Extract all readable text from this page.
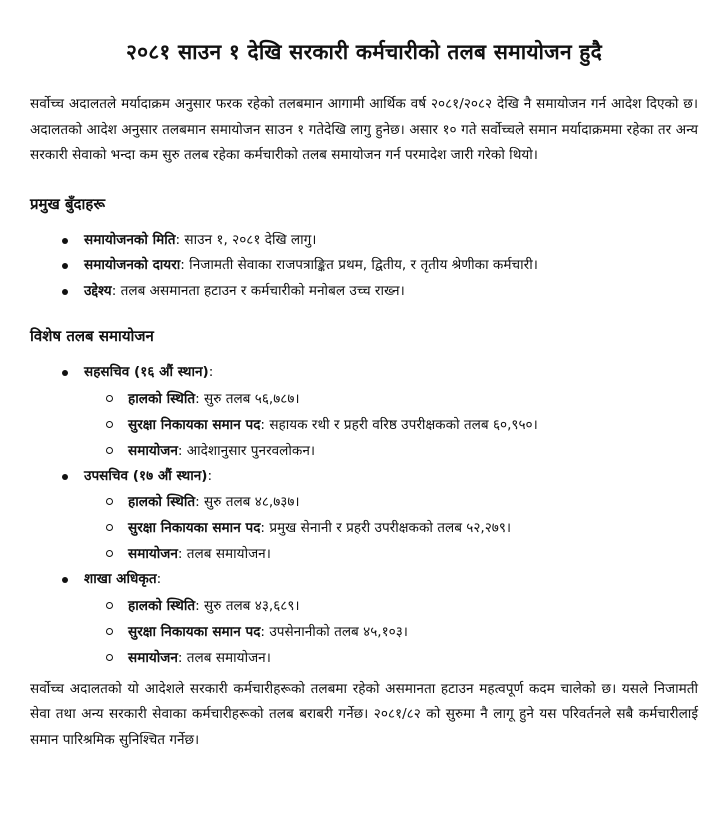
२०८१ साउन १ देखि सरकारी कर्मचारीको तलब समायोजन हुदै

सर्वोच्च अदालतले मर्यादाक्रम अनुसार फरक रहेको तलबमान आगामी आर्थिक वर्ष २०८१/२०८२ देखि नै समायोजन गर्न आदेश दिएको छ। अदालतको आदेश अनुसार तलबमान समायोजन साउन १ गतेदेखि लागु हुनेछ। असार १० गते सर्वोच्चले समान मर्यादाक्रममा रहेका तर अन्य सरकारी सेवाको भन्दा कम सुरु तलब रहेका कर्मचारीको तलब समायोजन गर्न परमादेश जारी गरेको थियो।

प्रमुख बुँदाहरू
समायोजनको मिति: साउन १, २०८१ देखि लागु।
समायोजनको दायरा: निजामती सेवाका राजपत्राङ्कित प्रथम, द्वितीय, र तृतीय श्रेणीका कर्मचारी।
उद्देश्य: तलब असमानता हटाउन र कर्मचारीको मनोबल उच्च राख्न।
विशेष तलब समायोजन
सहसचिव (१६ औं स्थान):
हालको स्थिति: सुरु तलब ५६,७८७।
सुरक्षा निकायका समान पद: सहायक रथी र प्रहरी वरिष्ठ उपरीक्षकको तलब ६०,९५०।
समायोजन: आदेशानुसार पुनरवलोकन।
उपसचिव (१७ औं स्थान):
हालको स्थिति: सुरु तलब ४८,७३७।
सुरक्षा निकायका समान पद: प्रमुख सेनानी र प्रहरी उपरीक्षकको तलब ५२,२७९।
समायोजन: तलब समायोजन।
शाखा अधिकृत:
हालको स्थिति: सुरु तलब ४३,६८९।
सुरक्षा निकायका समान पद: उपसेनानीको तलब ४५,१०३।
समायोजन: तलब समायोजन।

सर्वोच्च अदालतको यो आदेशले सरकारी कर्मचारीहरूको तलबमा रहेको असमानता हटाउन महत्वपूर्ण कदम चालेको छ। यसले निजामती सेवा तथा अन्य सरकारी सेवाका कर्मचारीहरूको तलब बराबरी गर्नेछ। २०८१/८२ को सुरुमा नै लागू हुने यस परिवर्तनले सबै कर्मचारीलाई समान पारिश्रमिक सुनिश्चित गर्नेछ।
